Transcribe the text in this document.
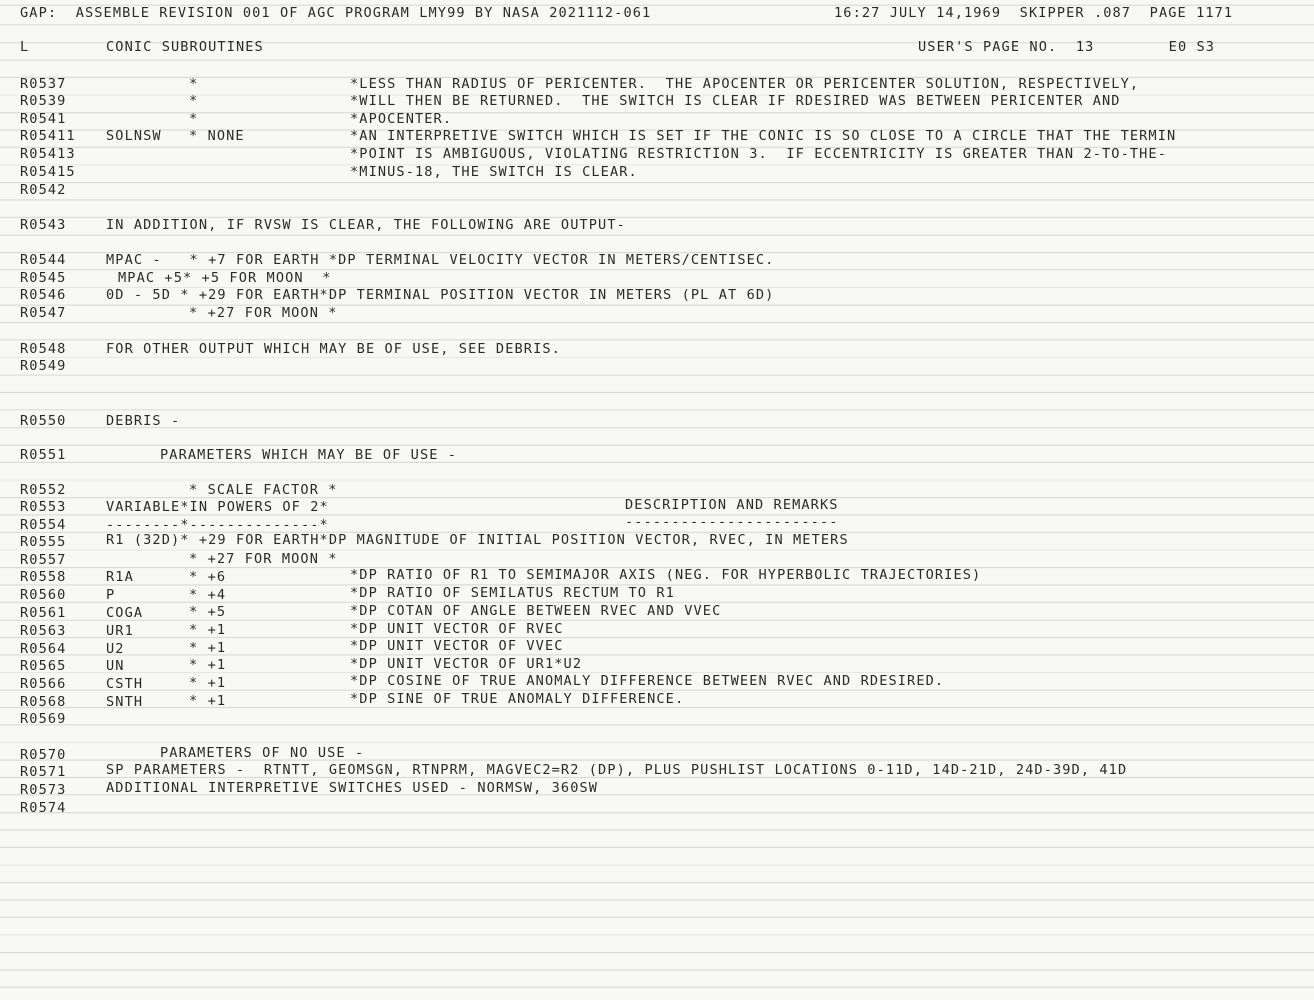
GAP:  ASSEMBLE REVISION 001 OF AGC PROGRAM LMY99 BY NASA 2021112-061	16:27 JULY 14,1969  SKIPPER .087  PAGE 1171
L	CONIC SUBROUTINES	USER'S PAGE NO.  13        E0 S3
R0537	*	*LESS THAN RADIUS OF PERICENTER.  THE APOCENTER OR PERICENTER SOLUTION, RESPECTIVELY,
R0539	*	*WILL THEN BE RETURNED.  THE SWITCH IS CLEAR IF RDESIRED WAS BETWEEN PERICENTER AND
R0541	*	*APOCENTER.
R05411 SOLNSW * NONE	*AN INTERPRETIVE SWITCH WHICH IS SET IF THE CONIC IS SO CLOSE TO A CIRCLE THAT THE TERMIN
R05413	*POINT IS AMBIGUOUS, VIOLATING RESTRICTION 3.  IF ECCENTRICITY IS GREATER THAN 2-TO-THE-
R05415	*MINUS-18, THE SWITCH IS CLEAR.
R0542
R0543	IN ADDITION, IF RVSW IS CLEAR, THE FOLLOWING ARE OUTPUT-
R0544	MPAC -   * +7 FOR EARTH *DP TERMINAL VELOCITY VECTOR IN METERS/CENTISEC.
R0545	MPAC +5* +5 FOR MOON  *
R0546	0D - 5D * +29 FOR EARTH*DP TERMINAL POSITION VECTOR IN METERS (PL AT 6D)
R0547	* +27 FOR MOON *
R0548	FOR OTHER OUTPUT WHICH MAY BE OF USE, SEE DEBRIS.
R0549
R0550	DEBRIS -
R0551	PARAMETERS WHICH MAY BE OF USE -
R0552	* SCALE FACTOR *
R0553	VARIABLE*IN POWERS OF 2*	DESCRIPTION AND REMARKS
R0554	--------*--------------*	-----------------------
R0555	R1 (32D)* +29 FOR EARTH*DP MAGNITUDE OF INITIAL POSITION VECTOR, RVEC, IN METERS
R0557	* +27 FOR MOON *
R0558	R1A	* +6	*DP RATIO OF R1 TO SEMIMAJOR AXIS (NEG. FOR HYPERBOLIC TRAJECTORIES)
R0560	P	* +4	*DP RATIO OF SEMILATUS RECTUM TO R1
R0561	COGA	* +5	*DP COTAN OF ANGLE BETWEEN RVEC AND VVEC
R0563	UR1	* +1	*DP UNIT VECTOR OF RVEC
R0564	U2	* +1	*DP UNIT VECTOR OF VVEC
R0565	UN	* +1	*DP UNIT VECTOR OF UR1*U2
R0566	CSTH	* +1	*DP COSINE OF TRUE ANOMALY DIFFERENCE BETWEEN RVEC AND RDESIRED.
R0568	SNTH	* +1	*DP SINE OF TRUE ANOMALY DIFFERENCE.
R0569
R0570	PARAMETERS OF NO USE -
R0571	SP PARAMETERS -  RTNTT, GEOMSGN, RTNPRM, MAGVEC2=R2 (DP), PLUS PUSHLIST LOCATIONS 0-11D, 14D-21D, 24D-39D, 41D
R0573	ADDITIONAL INTERPRETIVE SWITCHES USED - NORMSW, 360SW
R0574
